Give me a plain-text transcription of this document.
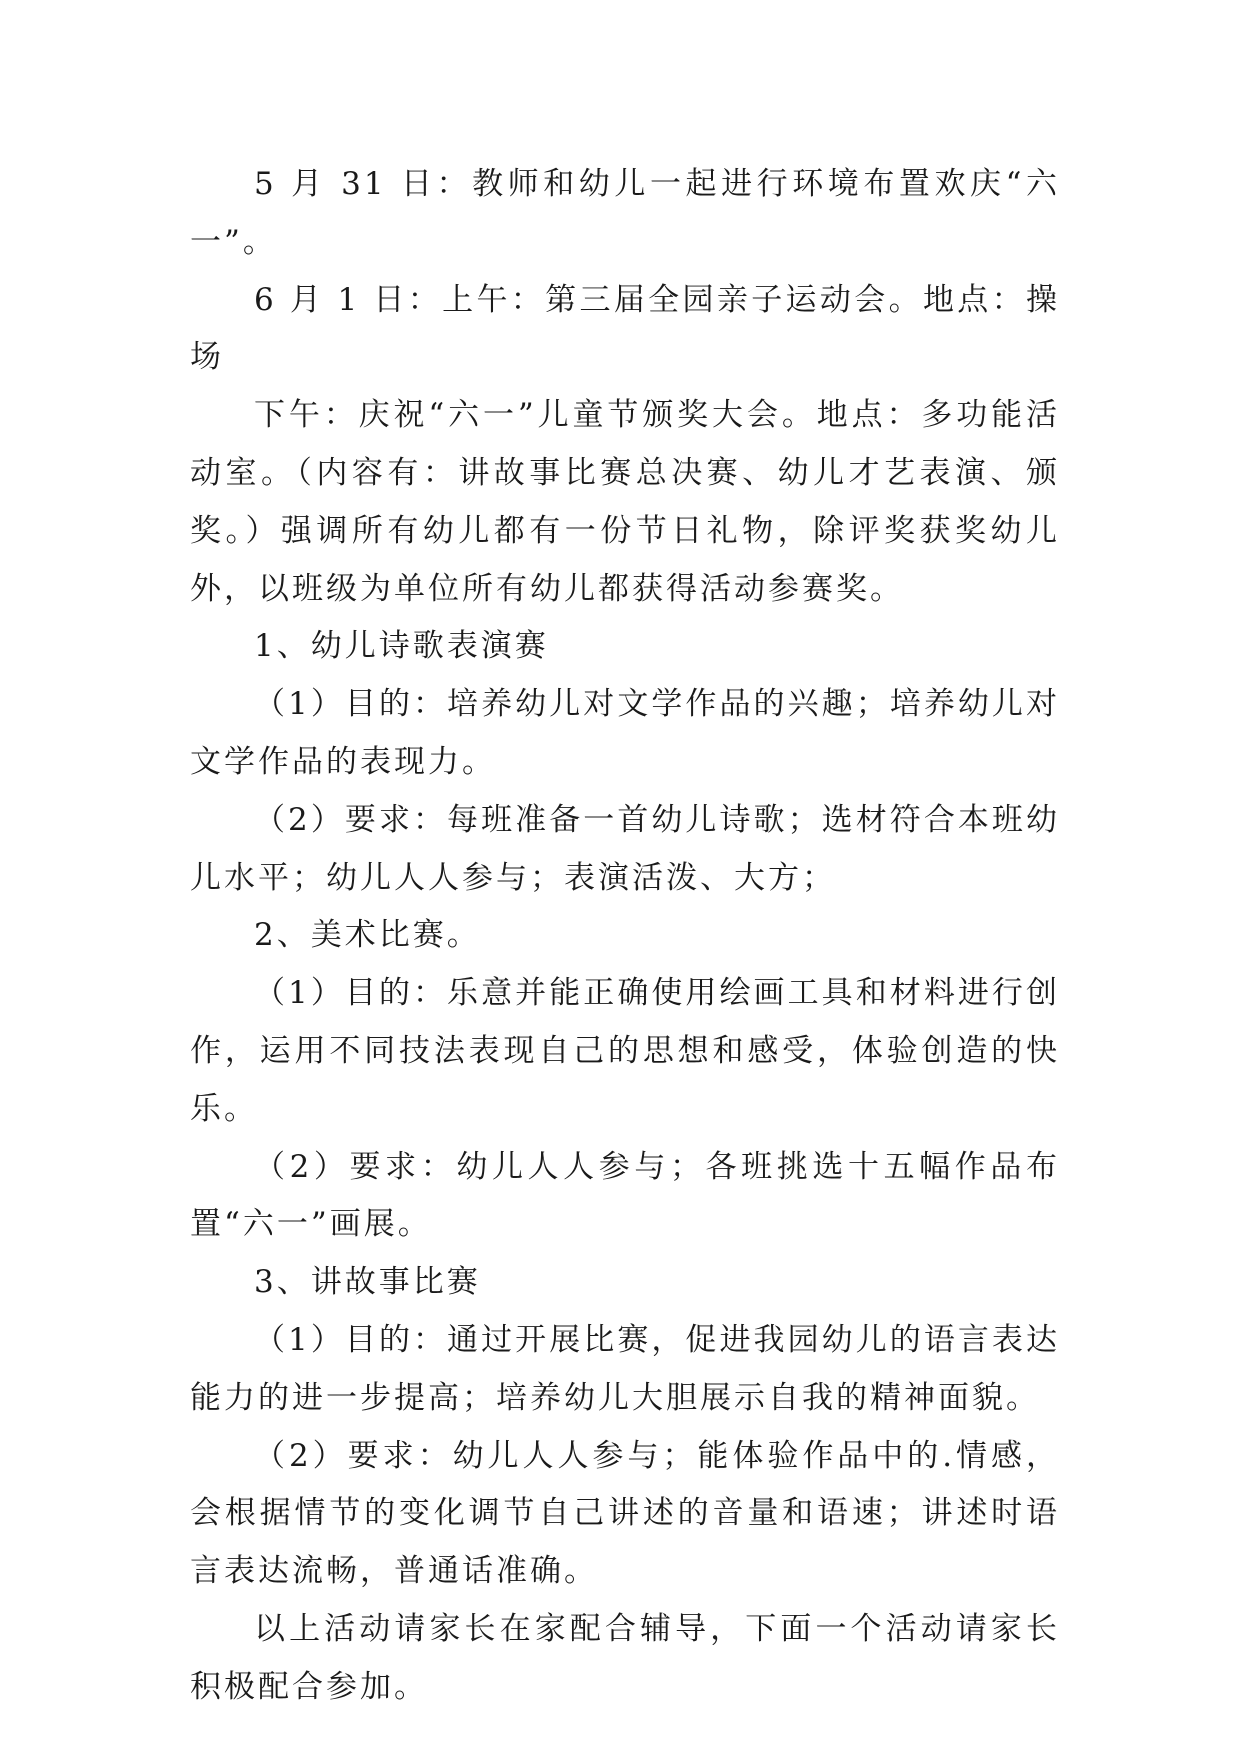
5 月 31 日：教师和幼儿一起进行环境布置欢庆“六一”。

6 月 1 日：上午：第三届全园亲子运动会。地点：操场

下午：庆祝“六一”儿童节颁奖大会。地点：多功能活动室。（内容有：讲故事比赛总决赛、幼儿才艺表演、颁奖。）强调所有幼儿都有一份节日礼物，除评奖获奖幼儿外，以班级为单位所有幼儿都获得活动参赛奖。

1、幼儿诗歌表演赛

（1）目的：培养幼儿对文学作品的兴趣；培养幼儿对文学作品的表现力。

（2）要求：每班准备一首幼儿诗歌；选材符合本班幼儿水平；幼儿人人参与；表演活泼、大方；

2、美术比赛。

（1）目的：乐意并能正确使用绘画工具和材料进行创作，运用不同技法表现自己的思想和感受，体验创造的快乐。

（2）要求：幼儿人人参与；各班挑选十五幅作品布置“六一”画展。

3、讲故事比赛

（1）目的：通过开展比赛，促进我园幼儿的语言表达能力的进一步提高；培养幼儿大胆展示自我的精神面貌。

（2）要求：幼儿人人参与；能体验作品中的.情感，会根据情节的变化调节自己讲述的音量和语速；讲述时语言表达流畅，普通话准确。

以上活动请家长在家配合辅导，下面一个活动请家长积极配合参加。
